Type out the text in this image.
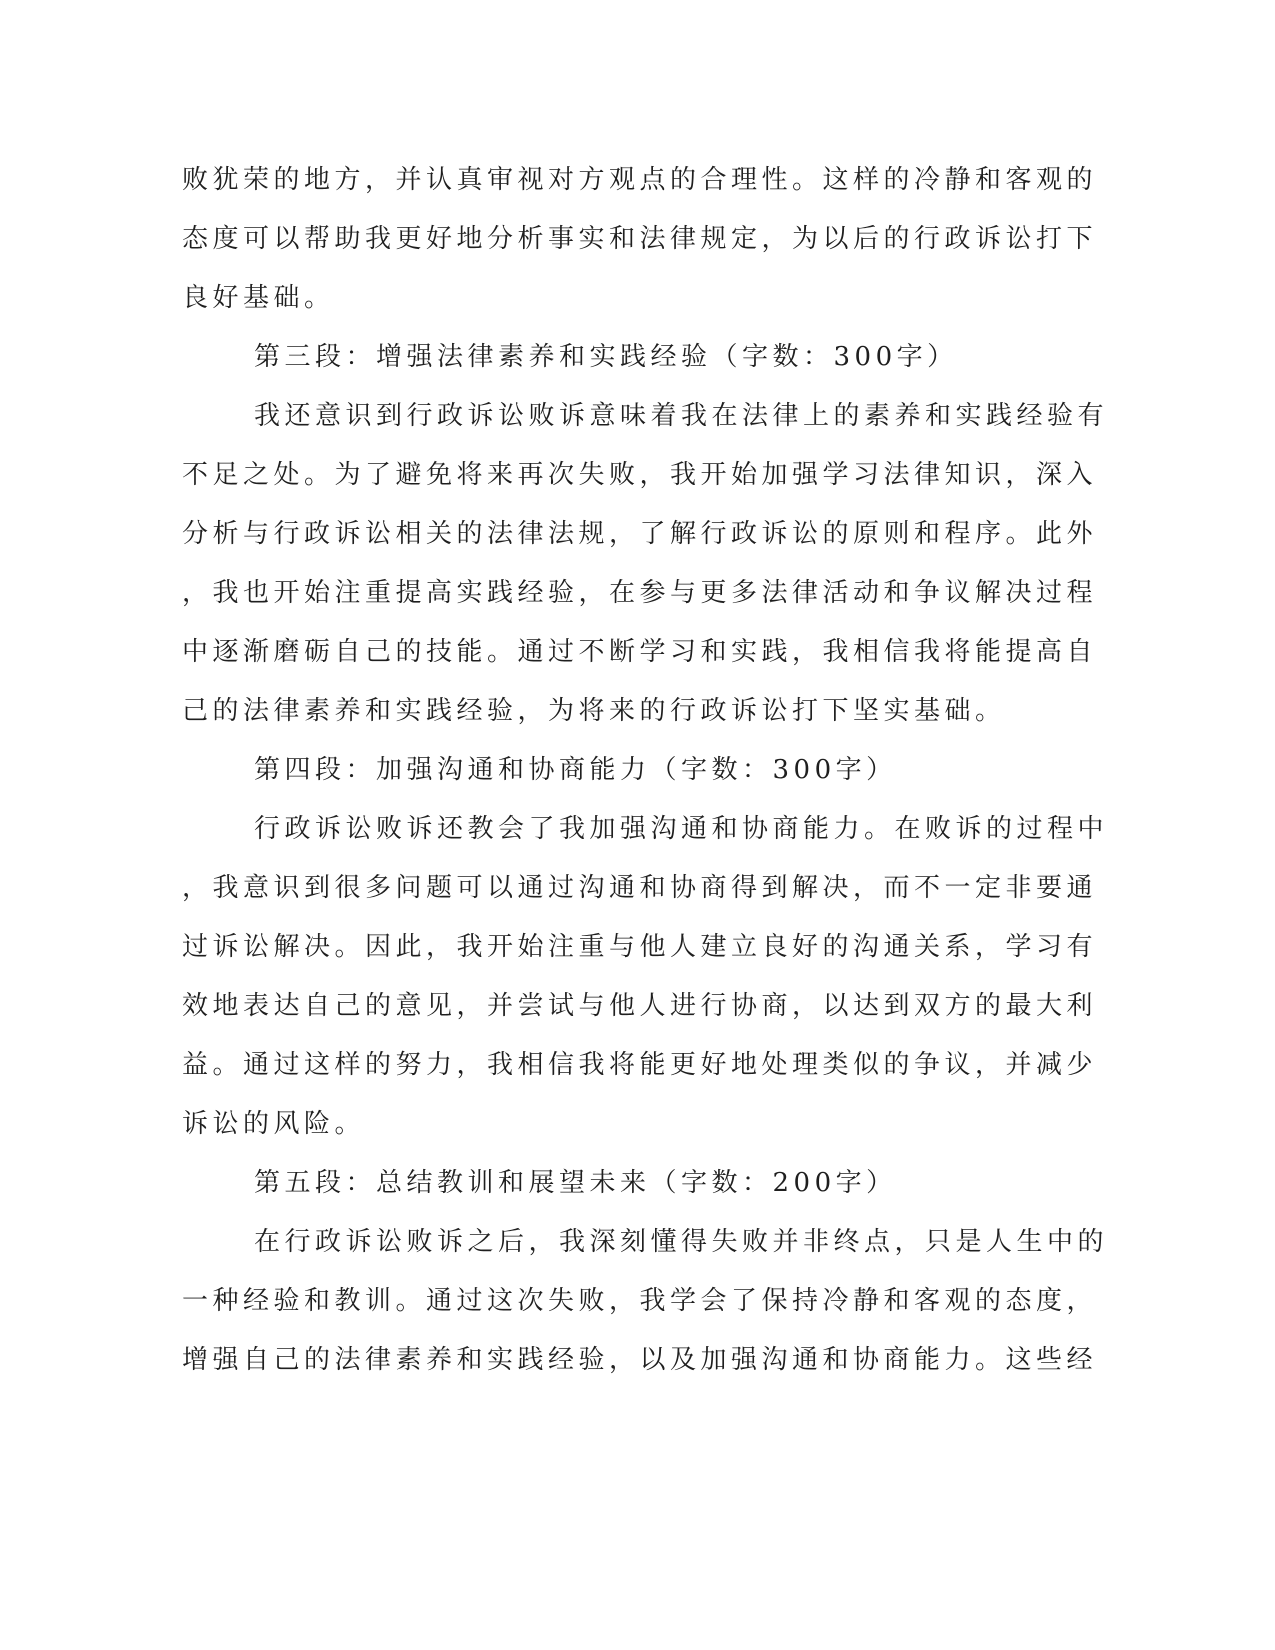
败犹荣的地方，并认真审视对方观点的合理性。这样的冷静和客观的
态度可以帮助我更好地分析事实和法律规定，为以后的行政诉讼打下
良好基础。
第三段：增强法律素养和实践经验（字数：300字）
我还意识到行政诉讼败诉意味着我在法律上的素养和实践经验有
不足之处。为了避免将来再次失败，我开始加强学习法律知识，深入
分析与行政诉讼相关的法律法规，了解行政诉讼的原则和程序。此外
，我也开始注重提高实践经验，在参与更多法律活动和争议解决过程
中逐渐磨砺自己的技能。通过不断学习和实践，我相信我将能提高自
己的法律素养和实践经验，为将来的行政诉讼打下坚实基础。
第四段：加强沟通和协商能力（字数：300字）
行政诉讼败诉还教会了我加强沟通和协商能力。在败诉的过程中
，我意识到很多问题可以通过沟通和协商得到解决，而不一定非要通
过诉讼解决。因此，我开始注重与他人建立良好的沟通关系，学习有
效地表达自己的意见，并尝试与他人进行协商，以达到双方的最大利
益。通过这样的努力，我相信我将能更好地处理类似的争议，并减少
诉讼的风险。
第五段：总结教训和展望未来（字数：200字）
在行政诉讼败诉之后，我深刻懂得失败并非终点，只是人生中的
一种经验和教训。通过这次失败，我学会了保持冷静和客观的态度，
增强自己的法律素养和实践经验，以及加强沟通和协商能力。这些经
